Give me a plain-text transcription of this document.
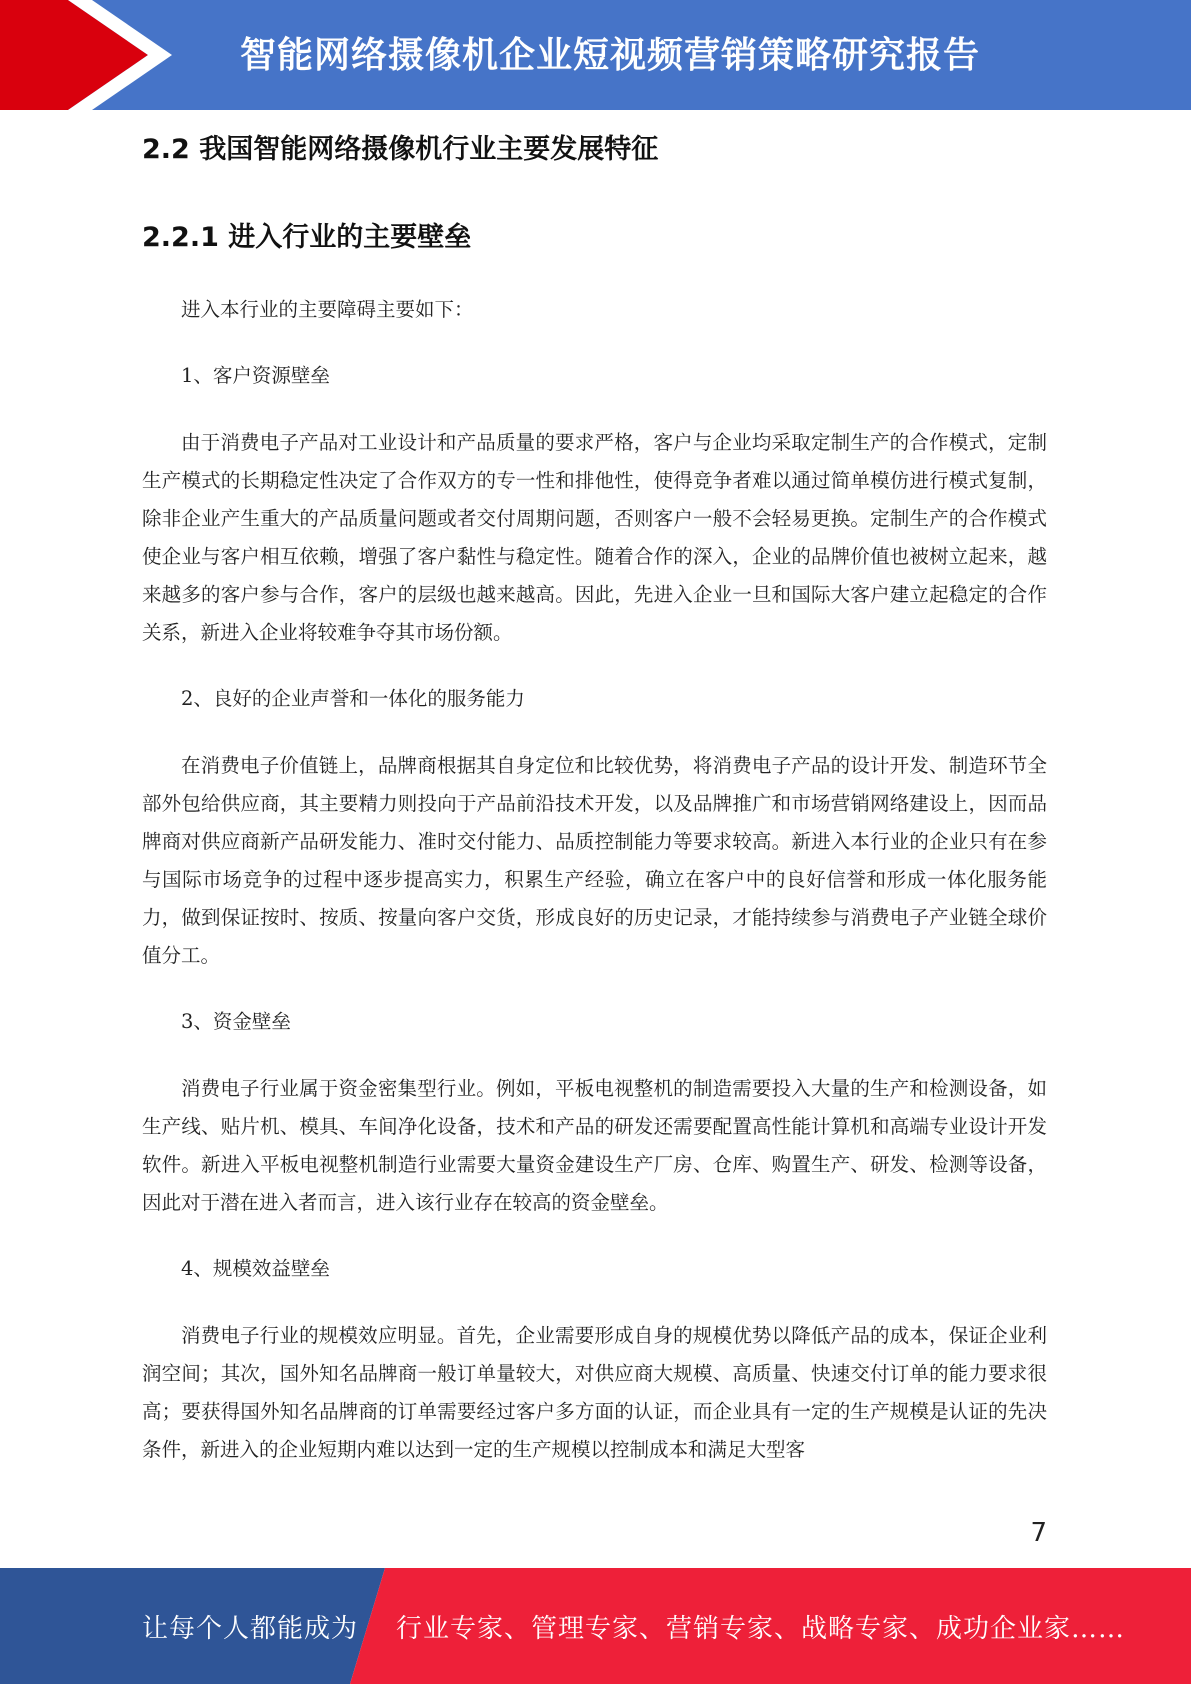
智能网络摄像机企业短视频营销策略研究报告
2.2 我国智能网络摄像机行业主要发展特征
2.2.1 进入行业的主要壁垒

进入本行业的主要障碍主要如下：

1、客户资源壁垒

由于消费电子产品对工业设计和产品质量的要求严格，客户与企业均采取定制生产的合作模式，定制生产模式的长期稳定性决定了合作双方的专一性和排他性，使得竞争者难以通过简单模仿进行模式复制，除非企业产生重大的产品质量问题或者交付周期问题，否则客户一般不会轻易更换。定制生产的合作模式使企业与客户相互依赖，增强了客户黏性与稳定性。随着合作的深入，企业的品牌价值也被树立起来，越来越多的客户参与合作，客户的层级也越来越高。因此，先进入企业一旦和国际大客户建立起稳定的合作关系，新进入企业将较难争夺其市场份额。

2、良好的企业声誉和一体化的服务能力

在消费电子价值链上，品牌商根据其自身定位和比较优势，将消费电子产品的设计开发、制造环节全部外包给供应商，其主要精力则投向于产品前沿技术开发，以及品牌推广和市场营销网络建设上，因而品牌商对供应商新产品研发能力、准时交付能力、品质控制能力等要求较高。新进入本行业的企业只有在参与国际市场竞争的过程中逐步提高实力，积累生产经验，确立在客户中的良好信誉和形成一体化服务能力，做到保证按时、按质、按量向客户交货，形成良好的历史记录，才能持续参与消费电子产业链全球价值分工。

3、资金壁垒

消费电子行业属于资金密集型行业。例如，平板电视整机的制造需要投入大量的生产和检测设备，如生产线、贴片机、模具、车间净化设备，技术和产品的研发还需要配置高性能计算机和高端专业设计开发软件。新进入平板电视整机制造行业需要大量资金建设生产厂房、仓库、购置生产、研发、检测等设备，因此对于潜在进入者而言，进入该行业存在较高的资金壁垒。

4、规模效益壁垒

消费电子行业的规模效应明显。首先，企业需要形成自身的规模优势以降低产品的成本，保证企业利润空间；其次，国外知名品牌商一般订单量较大，对供应商大规模、高质量、快速交付订单的能力要求很高；要获得国外知名品牌商的订单需要经过客户多方面的认证，而企业具有一定的生产规模是认证的先决条件，新进入的企业短期内难以达到一定的生产规模以控制成本和满足大型客

7
让每个人都能成为 行业专家、管理专家、营销专家、战略专家、成功企业家……
